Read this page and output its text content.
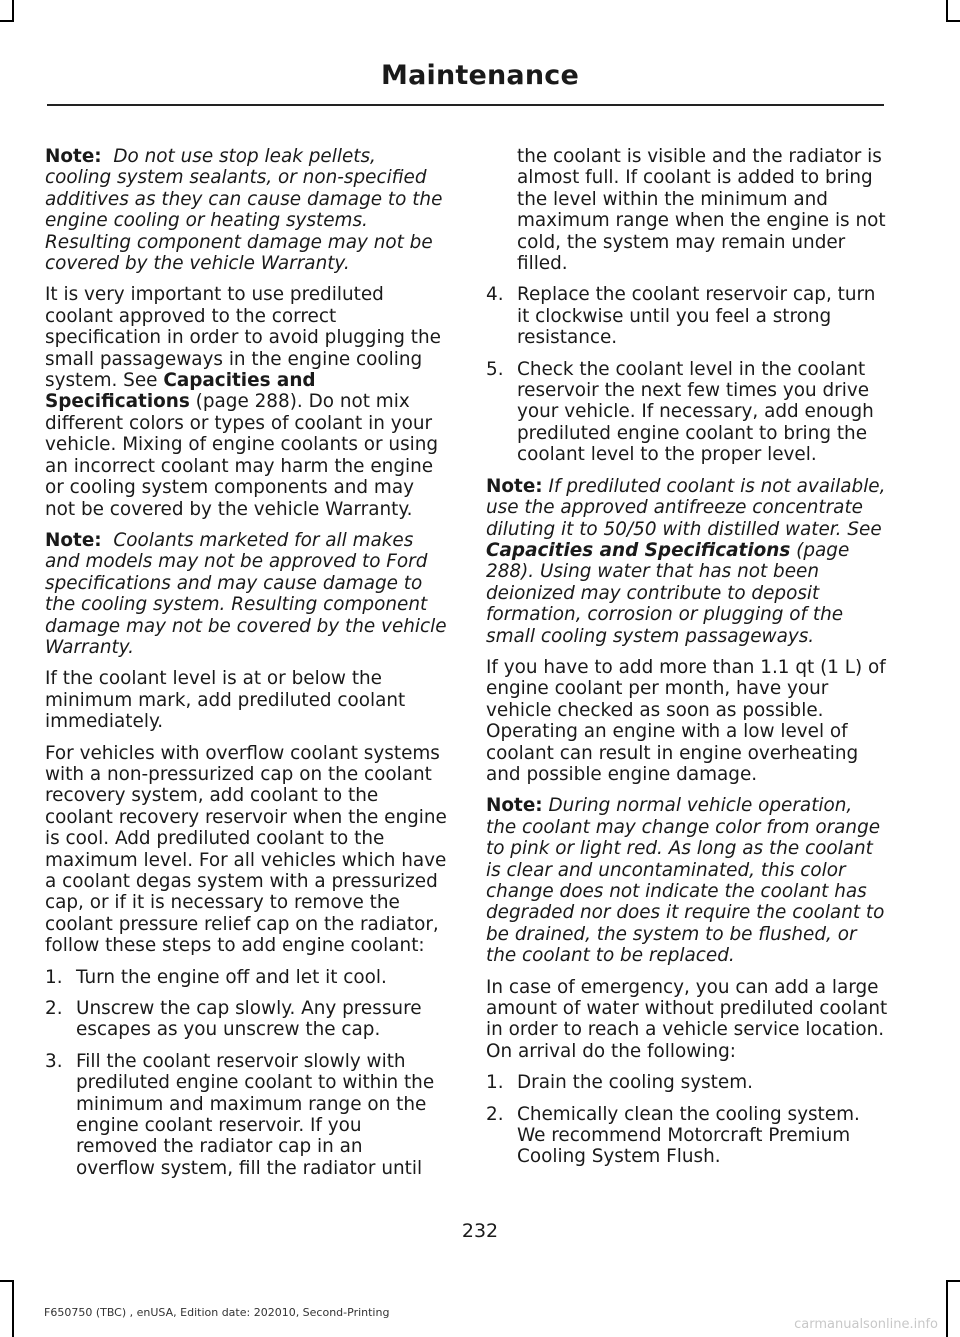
Maintenance

Note: Do not use stop leak pellets, cooling system sealants, or non-specified additives as they can cause damage to the engine cooling or heating systems. Resulting component damage may not be covered by the vehicle Warranty.

It is very important to use prediluted coolant approved to the correct specification in order to avoid plugging the small passageways in the engine cooling system. See Capacities and Specifications (page 288). Do not mix different colors or types of coolant in your vehicle. Mixing of engine coolants or using an incorrect coolant may harm the engine or cooling system components and may not be covered by the vehicle Warranty.

Note: Coolants marketed for all makes and models may not be approved to Ford specifications and may cause damage to the cooling system. Resulting component damage may not be covered by the vehicle Warranty.

If the coolant level is at or below the minimum mark, add prediluted coolant immediately.

For vehicles with overflow coolant systems with a non-pressurized cap on the coolant recovery system, add coolant to the coolant recovery reservoir when the engine is cool. Add prediluted coolant to the maximum level. For all vehicles which have a coolant degas system with a pressurized cap, or if it is necessary to remove the coolant pressure relief cap on the radiator, follow these steps to add engine coolant:

1. Turn the engine off and let it cool.
2. Unscrew the cap slowly. Any pressure escapes as you unscrew the cap.
3. Fill the coolant reservoir slowly with prediluted engine coolant to within the minimum and maximum range on the engine coolant reservoir. If you removed the radiator cap in an overflow system, fill the radiator until
the coolant is visible and the radiator is almost full. If coolant is added to bring the level within the minimum and maximum range when the engine is not cold, the system may remain under filled.
4. Replace the coolant reservoir cap, turn it clockwise until you feel a strong resistance.
5. Check the coolant level in the coolant reservoir the next few times you drive your vehicle. If necessary, add enough prediluted engine coolant to bring the coolant level to the proper level.

Note: If prediluted coolant is not available, use the approved antifreeze concentrate diluting it to 50/50 with distilled water. See Capacities and Specifications (page 288). Using water that has not been deionized may contribute to deposit formation, corrosion or plugging of the small cooling system passageways.

If you have to add more than 1.1 qt (1 L) of engine coolant per month, have your vehicle checked as soon as possible. Operating an engine with a low level of coolant can result in engine overheating and possible engine damage.

Note: During normal vehicle operation, the coolant may change color from orange to pink or light red. As long as the coolant is clear and uncontaminated, this color change does not indicate the coolant has degraded nor does it require the coolant to be drained, the system to be flushed, or the coolant to be replaced.

In case of emergency, you can add a large amount of water without prediluted coolant in order to reach a vehicle service location. On arrival do the following:

1. Drain the cooling system.
2. Chemically clean the cooling system. We recommend Motorcraft Premium Cooling System Flush.
232
F650750 (TBC) , enUSA, Edition date: 202010, Second-Printing
carmanualsonline.info
